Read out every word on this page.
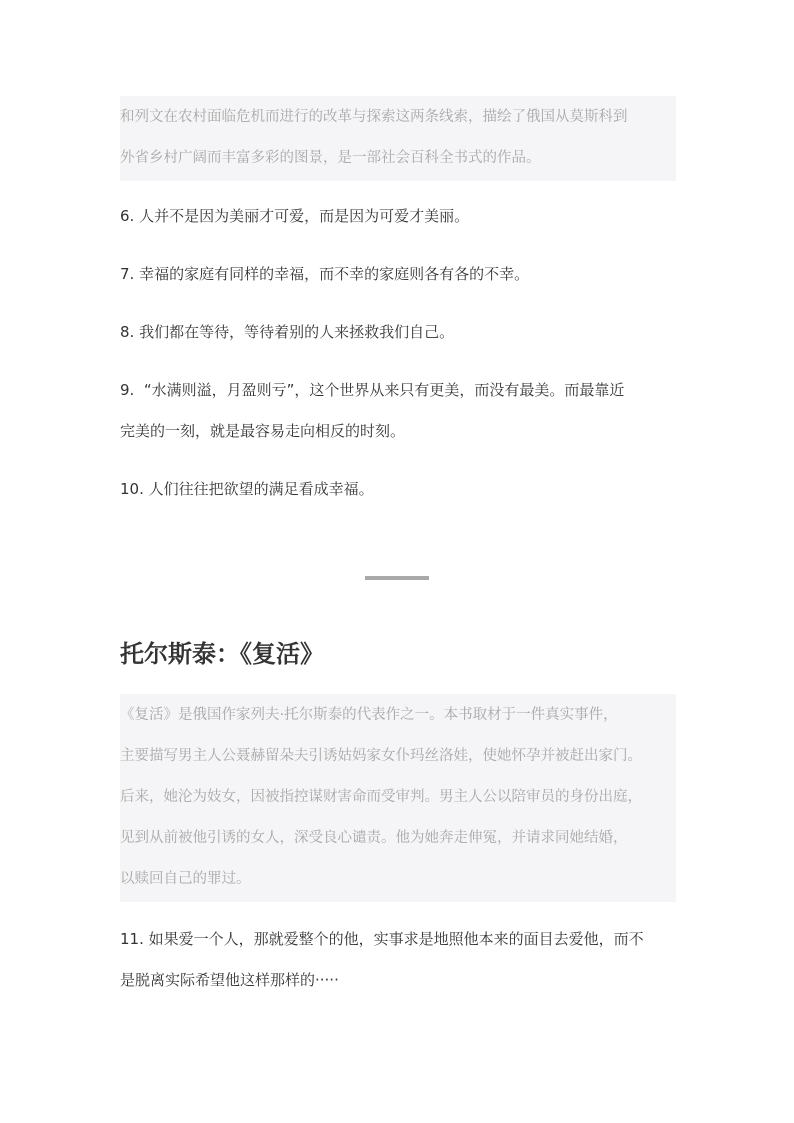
和列文在农村面临危机而进行的改革与探索这两条线索，描绘了俄国从莫斯科到
外省乡村广阔而丰富多彩的图景，是一部社会百科全书式的作品。
6. 人并不是因为美丽才可爱，而是因为可爱才美丽。
7. 幸福的家庭有同样的幸福，而不幸的家庭则各有各的不幸。
8. 我们都在等待，等待着别的人来拯救我们自己。
9. “水满则溢，月盈则亏”，这个世界从来只有更美，而没有最美。而最靠近
完美的一刻，就是最容易走向相反的时刻。
10. 人们往往把欲望的满足看成幸福。
托尔斯泰：《复活》
《复活》是俄国作家列夫·托尔斯泰的代表作之一。本书取材于一件真实事件，
主要描写男主人公聂赫留朵夫引诱姑妈家女仆玛丝洛娃，使她怀孕并被赶出家门。
后来，她沦为妓女，因被指控谋财害命而受审判。男主人公以陪审员的身份出庭，
见到从前被他引诱的女人，深受良心谴责。他为她奔走伸冤，并请求同她结婚，
以赎回自己的罪过。
11. 如果爱一个人，那就爱整个的他，实事求是地照他本来的面目去爱他，而不
是脱离实际希望他这样那样的·····
